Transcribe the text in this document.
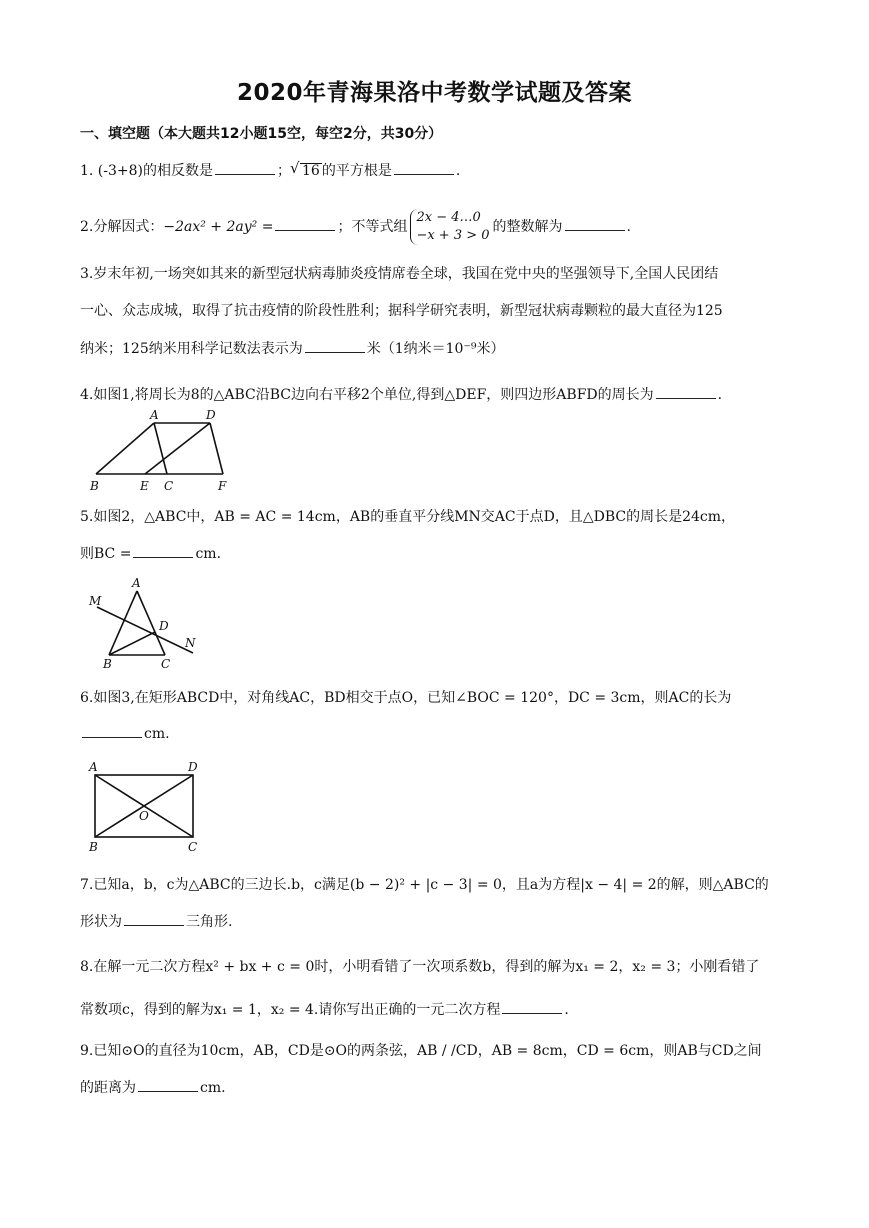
2020年青海果洛中考数学试题及答案
一、填空题（本大题共12小题15空，每空2分，共30分）
1. (-3+8)的相反数是	；√ 16 的平方根是	.
2.分解因式：−2ax² + 2ay² =	；不等式组2x − 4…0
−x + 3 > 0的整数解为	.
3.岁末年初,一场突如其来的新型冠状病毒肺炎疫情席卷全球，我国在党中央的坚强领导下,全国人民团结
一心、众志成城，取得了抗击疫情的阶段性胜利；据科学研究表明，新型冠状病毒颗粒的最大直径为125
纳米；125纳米用科学记数法表示为	米（1纳米＝10⁻⁹米）
4.如图1,将周长为8的△ABC沿BC边向右平移2个单位,得到△DEF，则四边形ABFD的周长为	.
A	D
B	E C	F
5.如图2，△ABC中，AB = AC = 14cm，AB的垂直平分线MN交AC于点D，且△DBC的周长是24cm，
则BC =	cm.
A
M
D
N
B	C
6.如图3,在矩形ABCD中，对角线AC，BD相交于点O，已知∠BOC = 120°，DC = 3cm，则AC的长为
cm.
A	D
O
B	C
7.已知a，b，c为△ABC的三边长.b，c满足(b − 2)² + |c − 3| = 0，且a为方程|x − 4| = 2的解，则△ABC的
形状为	三角形.
8.在解一元二次方程x² + bx + c = 0时，小明看错了一次项系数b，得到的解为x₁ = 2，x₂ = 3；小刚看错了
常数项c，得到的解为x₁ = 1，x₂ = 4.请你写出正确的一元二次方程	.
9.已知⊙O的直径为10cm，AB，CD是⊙O的两条弦，AB / /CD，AB = 8cm，CD = 6cm，则AB与CD之间
的距离为	cm.
